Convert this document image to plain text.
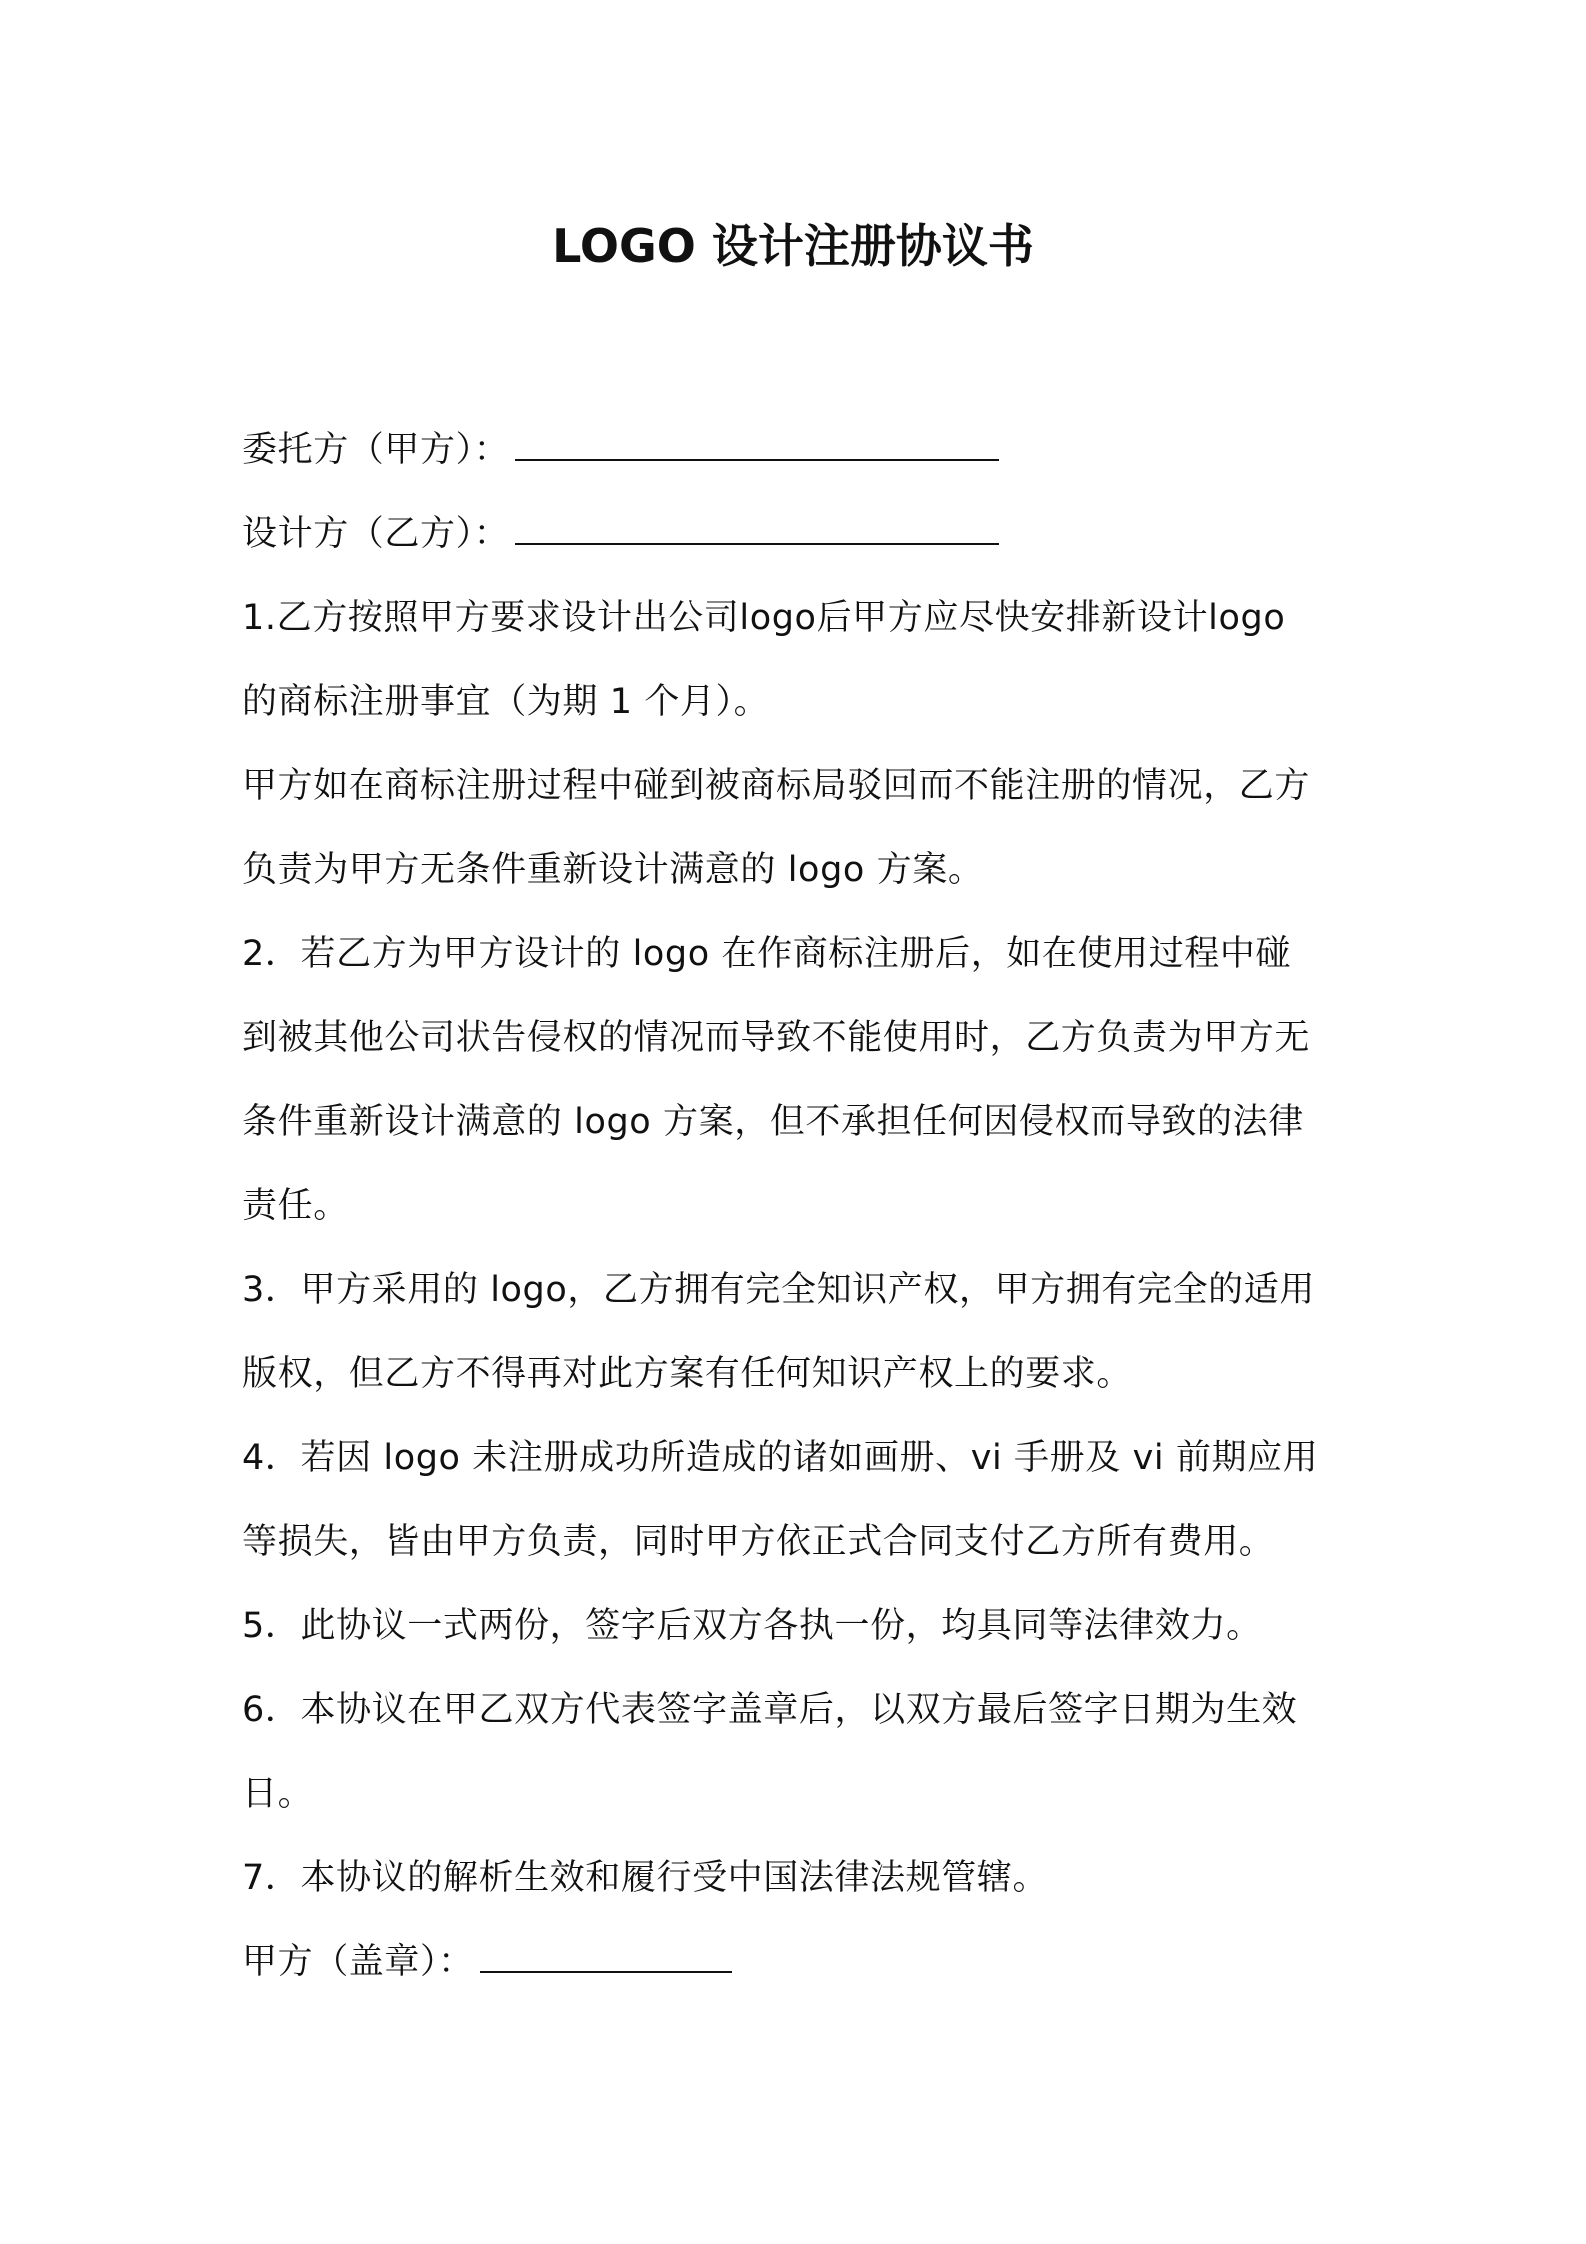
LOGO 设计注册协议书

委托方（甲方）：

设计方（乙方）：

1.乙方按照甲方要求设计出公司logo后甲方应尽快安排新设计logo

的商标注册事宜（为期 1 个月）。

甲方如在商标注册过程中碰到被商标局驳回而不能注册的情况，乙方

负责为甲方无条件重新设计满意的 logo 方案。

2．若乙方为甲方设计的 logo 在作商标注册后，如在使用过程中碰

到被其他公司状告侵权的情况而导致不能使用时，乙方负责为甲方无

条件重新设计满意的 logo 方案，但不承担任何因侵权而导致的法律

责任。

3．甲方采用的 logo，乙方拥有完全知识产权，甲方拥有完全的适用

版权，但乙方不得再对此方案有任何知识产权上的要求。

4．若因 logo 未注册成功所造成的诸如画册、vi 手册及 vi 前期应用

等损失，皆由甲方负责，同时甲方依正式合同支付乙方所有费用。

5．此协议一式两份，签字后双方各执一份，均具同等法律效力。

6．本协议在甲乙双方代表签字盖章后，以双方最后签字日期为生效

日。

7．本协议的解析生效和履行受中国法律法规管辖。

甲方（盖章）：
